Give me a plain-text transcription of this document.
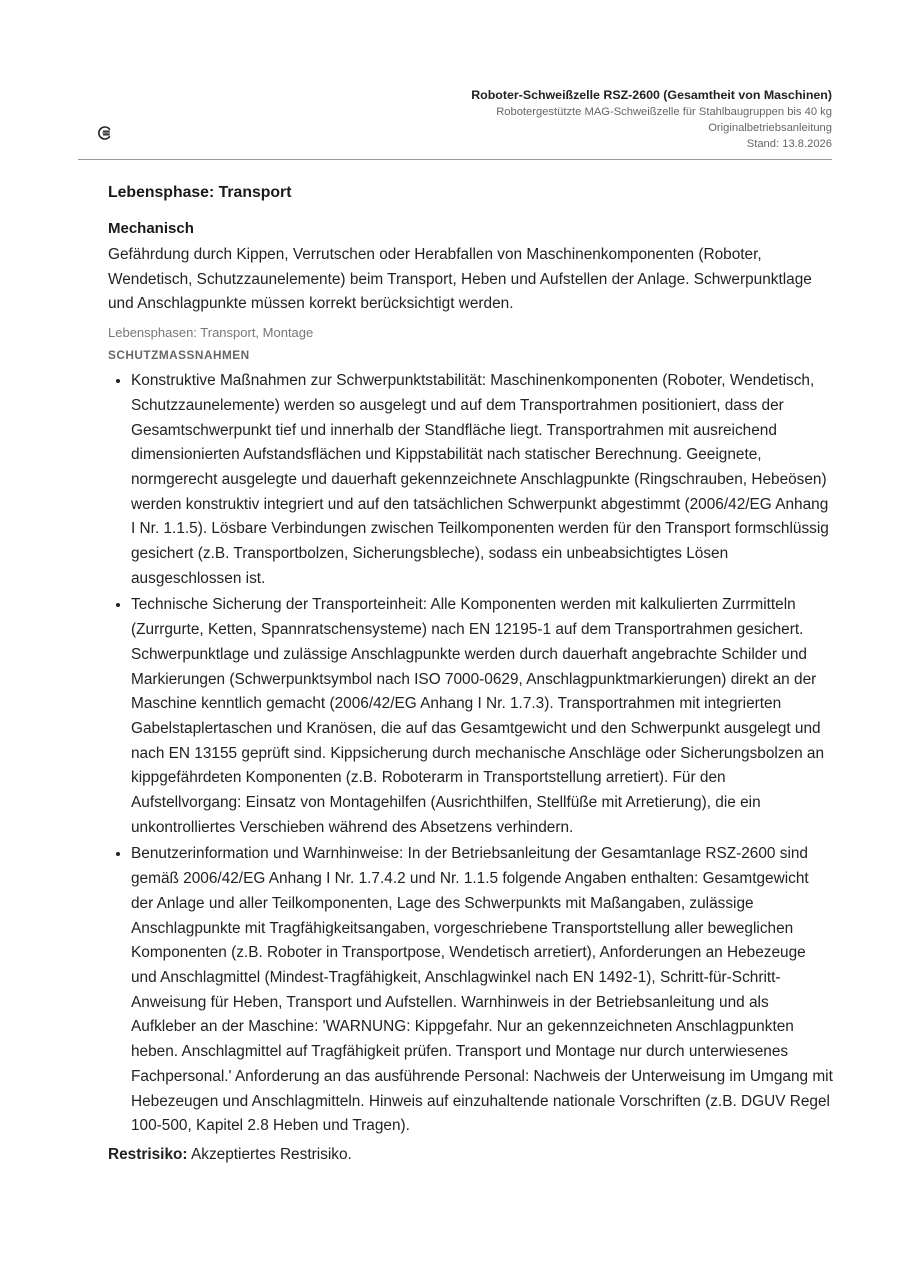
Roboter-Schweißzelle RSZ-2600 (Gesamtheit von Maschinen)
Robotergestützte MAG-Schweißzelle für Stahlbaugruppen bis 40 kg
Originalbetriebsanleitung
Stand: 13.8.2026
Lebensphase: Transport
Mechanisch
Gefährdung durch Kippen, Verrutschen oder Herabfallen von Maschinenkomponenten (Roboter, Wendetisch, Schutzzaunelemente) beim Transport, Heben und Aufstellen der Anlage. Schwerpunktlage und Anschlagpunkte müssen korrekt berücksichtigt werden.
Lebensphasen: Transport, Montage
SCHUTZMASSNAHMEN
• Konstruktive Maßnahmen zur Schwerpunktstabilität: Maschinenkomponenten (Roboter, Wendetisch, Schutzzaunelemente) werden so ausgelegt und auf dem Transportrahmen positioniert, dass der Gesamtschwerpunkt tief und innerhalb der Standfläche liegt. Transportrahmen mit ausreichend dimensionierten Aufstandsflächen und Kippstabilität nach statischer Berechnung. Geeignete, normgerecht ausgelegte und dauerhaft gekennzeichnete Anschlagpunkte (Ringschrauben, Hebeösen) werden konstruktiv integriert und auf den tatsächlichen Schwerpunkt abgestimmt (2006/42/EG Anhang I Nr. 1.1.5). Lösbare Verbindungen zwischen Teilkomponenten werden für den Transport formschlüssig gesichert (z.B. Transportbolzen, Sicherungsbleche), sodass ein unbeabsichtigtes Lösen ausgeschlossen ist.
• Technische Sicherung der Transporteinheit: Alle Komponenten werden mit kalkulierten Zurrmitteln (Zurrgurte, Ketten, Spannratschensysteme) nach EN 12195-1 auf dem Transportrahmen gesichert. Schwerpunktlage und zulässige Anschlagpunkte werden durch dauerhaft angebrachte Schilder und Markierungen (Schwerpunktsymbol nach ISO 7000-0629, Anschlagpunktmarkierungen) direkt an der Maschine kenntlich gemacht (2006/42/EG Anhang I Nr. 1.7.3). Transportrahmen mit integrierten Gabelstaplertaschen und Kranösen, die auf das Gesamtgewicht und den Schwerpunkt ausgelegt und nach EN 13155 geprüft sind. Kippsicherung durch mechanische Anschläge oder Sicherungsbolzen an kippgefährdeten Komponenten (z.B. Roboterarm in Transportstellung arretiert). Für den Aufstellvorgang: Einsatz von Montagehilfen (Ausrichthilfen, Stellfüße mit Arretierung), die ein unkontrolliertes Verschieben während des Absetzens verhindern.
• Benutzerinformation und Warnhinweise: In der Betriebsanleitung der Gesamtanlage RSZ-2600 sind gemäß 2006/42/EG Anhang I Nr. 1.7.4.2 und Nr. 1.1.5 folgende Angaben enthalten: Gesamtgewicht der Anlage und aller Teilkomponenten, Lage des Schwerpunkts mit Maßangaben, zulässige Anschlagpunkte mit Tragfähigkeitsangaben, vorgeschriebene Transportstellung aller beweglichen Komponenten (z.B. Roboter in Transportpose, Wendetisch arretiert), Anforderungen an Hebezeuge und Anschlagmittel (Mindest-Tragfähigkeit, Anschlagwinkel nach EN 1492-1), Schritt-für-Schritt-Anweisung für Heben, Transport und Aufstellen. Warnhinweis in der Betriebsanleitung und als Aufkleber an der Maschine: 'WARNUNG: Kippgefahr. Nur an gekennzeichneten Anschlagpunkten heben. Anschlagmittel auf Tragfähigkeit prüfen. Transport und Montage nur durch unterwiesenes Fachpersonal.' Anforderung an das ausführende Personal: Nachweis der Unterweisung im Umgang mit Hebezeugen und Anschlagmitteln. Hinweis auf einzuhaltende nationale Vorschriften (z.B. DGUV Regel 100-500, Kapitel 2.8 Heben und Tragen).
Restrisiko: Akzeptiertes Restrisiko.
